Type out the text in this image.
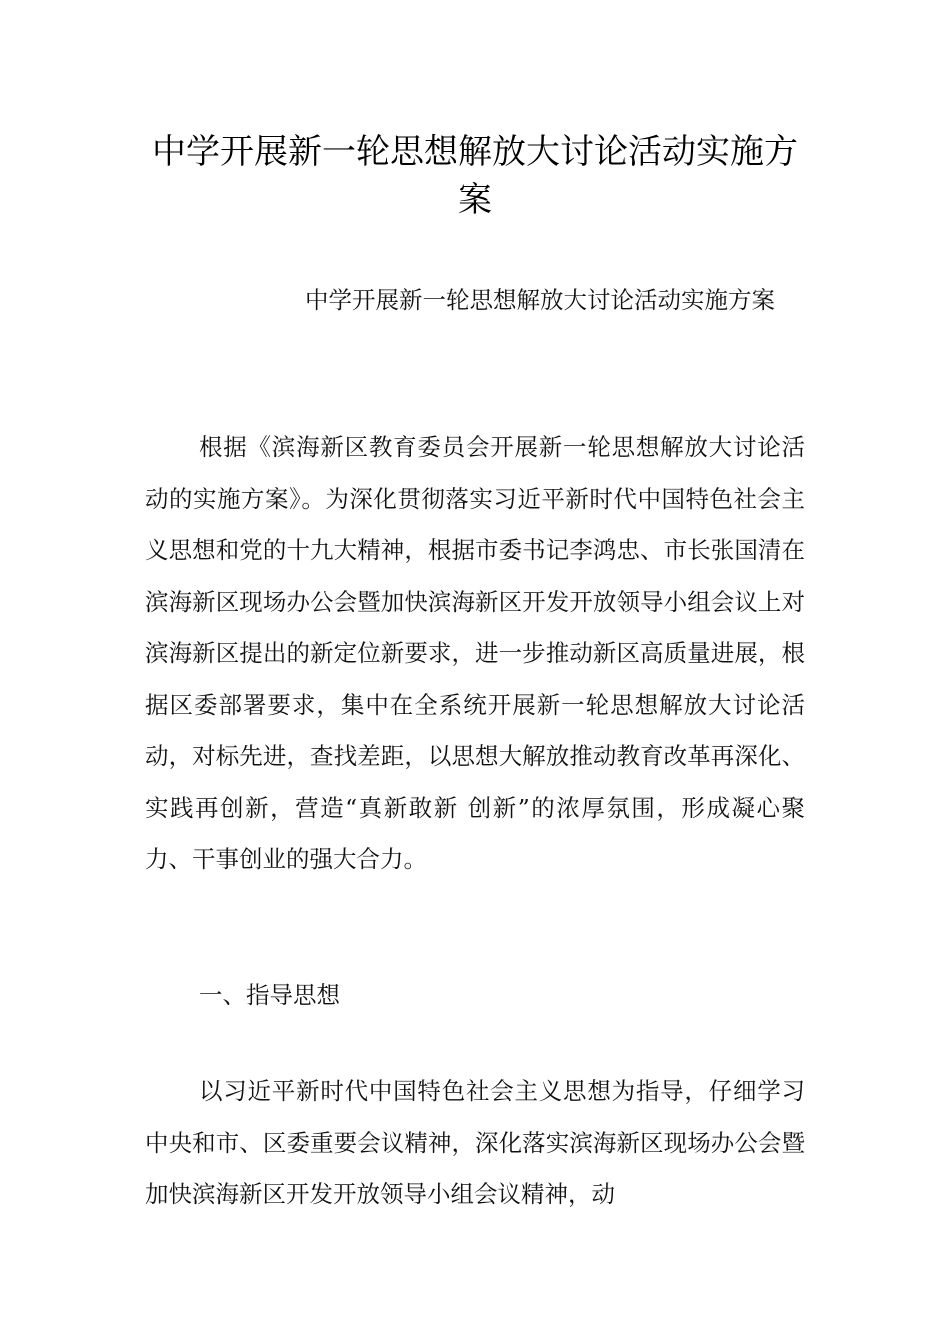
中学开展新一轮思想解放大讨论活动实施方案

中学开展新一轮思想解放大讨论活动实施方案

根据《滨海新区教育委员会开展新一轮思想解放大讨论活动的实施方案》。为深化贯彻落实习近平新时代中国特色社会主义思想和党的十九大精神，根据市委书记李鸿忠、市长张国清在滨海新区现场办公会暨加快滨海新区开发开放领导小组会议上对滨海新区提出的新定位新要求，进一步推动新区高质量进展，根据区委部署要求，集中在全系统开展新一轮思想解放大讨论活动，对标先进，查找差距，以思想大解放推动教育改革再深化、实践再创新，营造“真新敢新 创新”的浓厚氛围，形成凝心聚力、干事创业的强大合力。

一、指导思想

以习近平新时代中国特色社会主义思想为指导，仔细学习中央和市、区委重要会议精神，深化落实滨海新区现场办公会暨加快滨海新区开发开放领导小组会议精神，动
